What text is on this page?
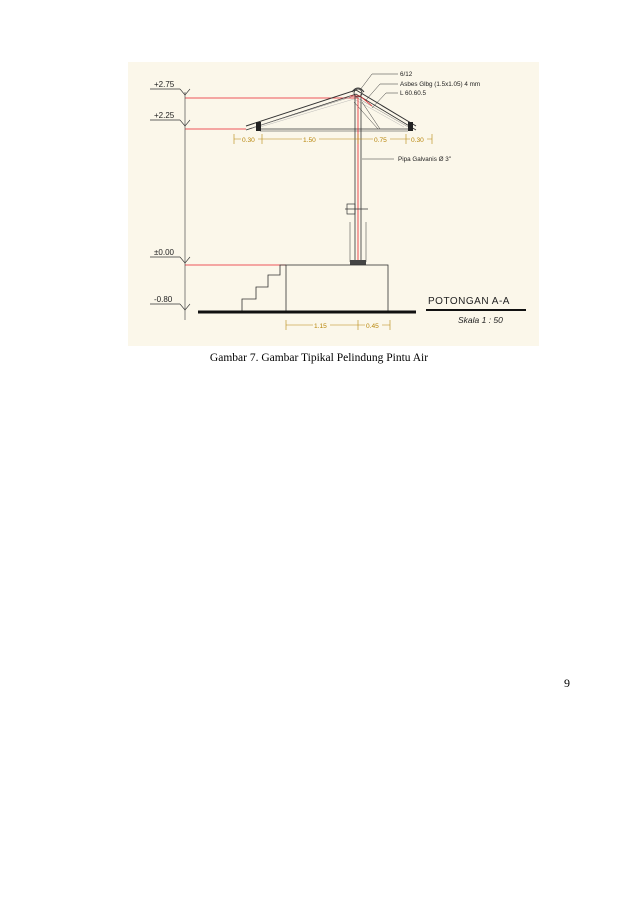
+2.75
+2.25
±0.00
-0.80
6/12
Asbes Glbg (1.5x1.05) 4 mm
L 60.60.5
Pipa Galvanis Ø 3"
0.30	1.50	0.75	0.30
1.15	0.45
POTONGAN A-A
Skala 1 : 50
Gambar 7. Gambar Tipikal Pelindung Pintu Air
9
